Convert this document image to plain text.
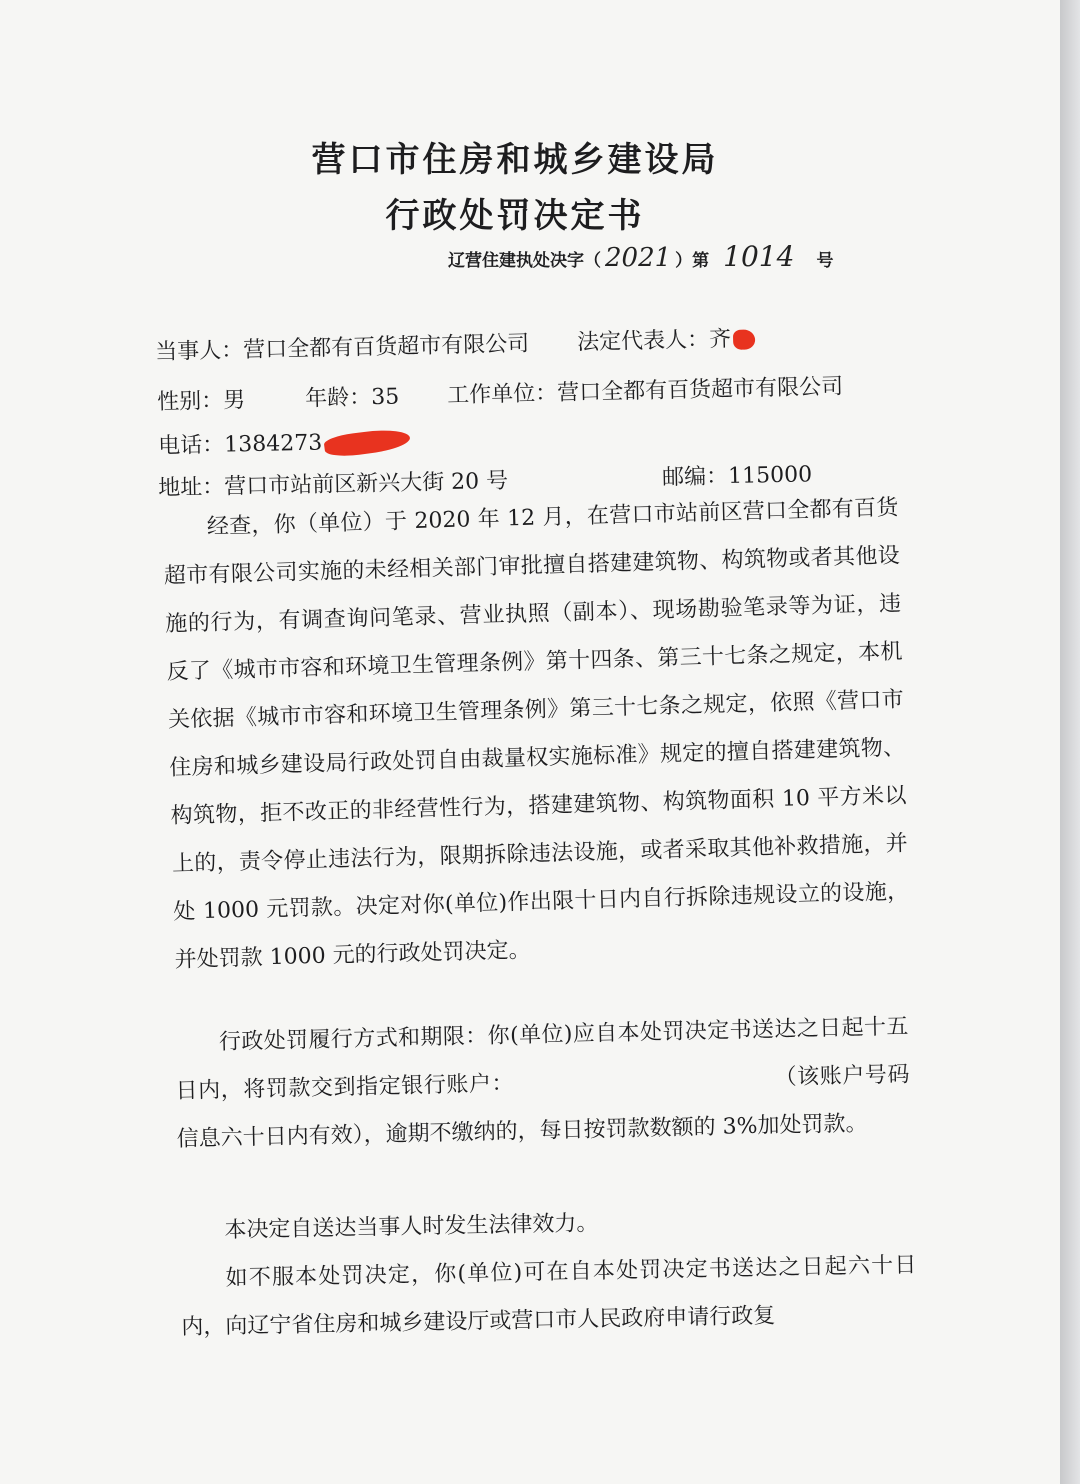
营口市住房和城乡建设局
行政处罚决定书
辽营住建执处决字（ 2021 ）第 1014 号
当事人：营口全都有百货超市有限公司 法定代表人：齐
性别：男	年龄：35 工作单位：营口全都有百货超市有限公司
电话：1384273
地址：营口市站前区新兴大街 20 号	邮编：115000
经查，你（单位）于 2020 年 12 月，在营口市站前区营口全都有百货超市有限公司实施的未经相关部门审批擅自搭建建筑物、构筑物或者其他设施的行为，有调查询问笔录、营业执照（副本）、现场勘验笔录等为证，违反了《城市市容和环境卫生管理条例》第十四条、第三十七条之规定，本机关依据《城市市容和环境卫生管理条例》第三十七条之规定，依照《营口市住房和城乡建设局行政处罚自由裁量权实施标准》规定的擅自搭建建筑物、构筑物，拒不改正的非经营性行为，搭建建筑物、构筑物面积 10 平方米以上的，责令停止违法行为，限期拆除违法设施，或者采取其他补救措施，并处 1000 元罚款。决定对你(单位)作出限十日内自行拆除违规设立的设施，并处罚款 1000 元的行政处罚决定。
行政处罚履行方式和期限：你(单位)应自本处罚决定书送达之日起十五日内，将罚款交到指定银行账户：	（该账户号码信息六十日内有效），逾期不缴纳的，每日按罚款数额的 3%加处罚款。
本决定自送达当事人时发生法律效力。
如不服本处罚决定，你(单位)可在自本处罚决定书送达之日起六十日内，向辽宁省住房和城乡建设厅或营口市人民政府申请行政复
